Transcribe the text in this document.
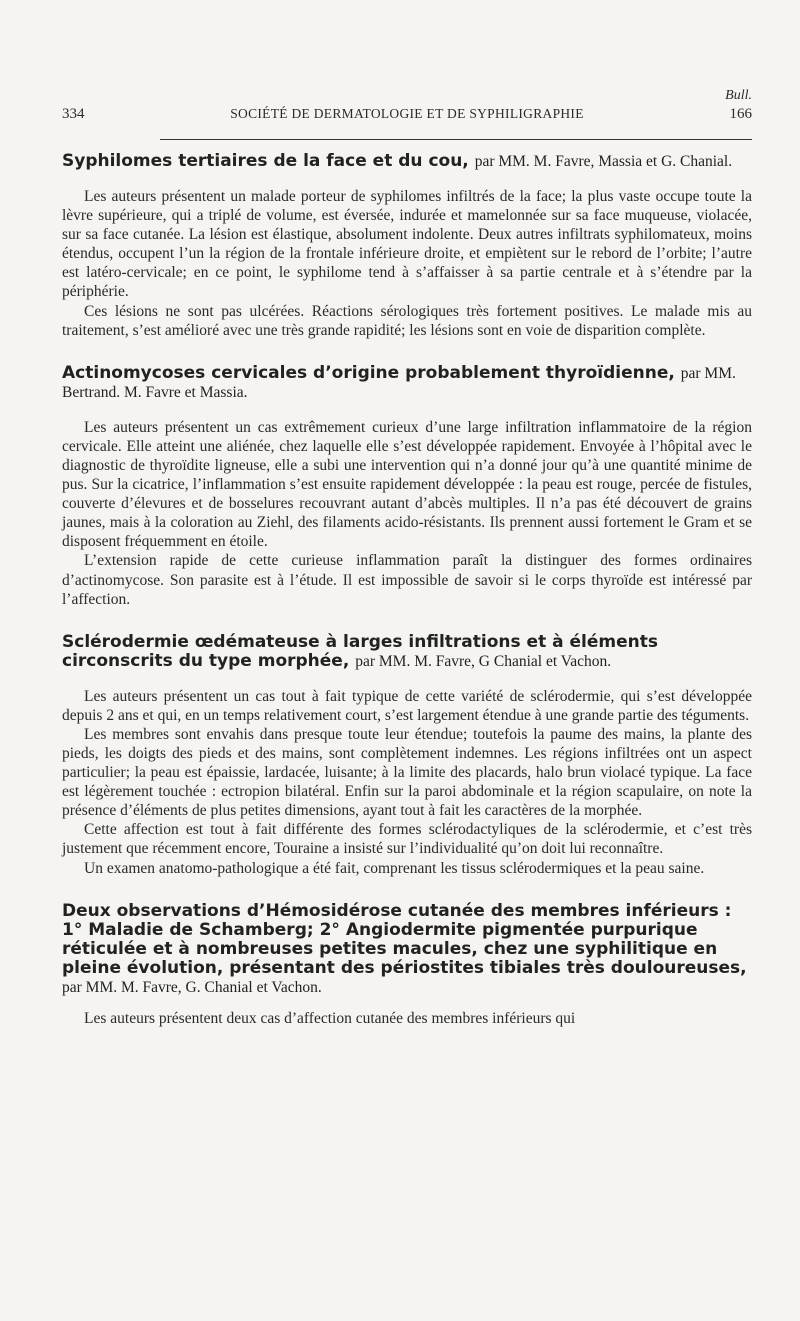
Bull.
334	SOCIÉTÉ DE DERMATOLOGIE ET DE SYPHILIGRAPHIE	166
Syphilomes tertiaires de la face et du cou, par MM. M. Favre, Massia et G. Chanial.

Les auteurs présentent un malade porteur de syphilomes infiltrés de la face; la plus vaste occupe toute la lèvre supérieure, qui a triplé de volume, est éversée, indurée et mamelonnée sur sa face muqueuse, violacée, sur sa face cutanée. La lésion est élastique, absolument indolente. Deux autres infiltrats syphilomateux, moins étendus, occupent l’un la région de la frontale inférieure droite, et empiètent sur le rebord de l’orbite; l’autre est latéro-cervicale; en ce point, le syphilome tend à s’affaisser à sa partie centrale et à s’étendre par la périphérie.

Ces lésions ne sont pas ulcérées. Réactions sérologiques très fortement positives. Le malade mis au traitement, s’est amélioré avec une très grande rapidité; les lésions sont en voie de disparition complète.

Actinomycoses cervicales d’origine probablement thyroïdienne, par MM. Bertrand. M. Favre et Massia.

Les auteurs présentent un cas extrêmement curieux d’une large infiltration inflammatoire de la région cervicale. Elle atteint une aliénée, chez laquelle elle s’est développée rapidement. Envoyée à l’hôpital avec le diagnostic de thyroïdite ligneuse, elle a subi une intervention qui n’a donné jour qu’à une quantité minime de pus. Sur la cicatrice, l’inflammation s’est ensuite rapidement développée : la peau est rouge, percée de fistules, couverte d’élevures et de bosselures recouvrant autant d’abcès multiples. Il n’a pas été découvert de grains jaunes, mais à la coloration au Ziehl, des filaments acido-résistants. Ils prennent aussi fortement le Gram et se disposent fréquemment en étoile.

L’extension rapide de cette curieuse inflammation paraît la distinguer des formes ordinaires d’actinomycose. Son parasite est à l’étude. Il est impossible de savoir si le corps thyroïde est intéressé par l’affection.

Sclérodermie œdémateuse à larges infiltrations et à éléments circonscrits du type morphée, par MM. M. Favre, G Chanial et Vachon.

Les auteurs présentent un cas tout à fait typique de cette variété de sclérodermie, qui s’est développée depuis 2 ans et qui, en un temps relativement court, s’est largement étendue à une grande partie des téguments.

Les membres sont envahis dans presque toute leur étendue; toutefois la paume des mains, la plante des pieds, les doigts des pieds et des mains, sont complètement indemnes. Les régions infiltrées ont un aspect particulier; la peau est épaissie, lardacée, luisante; à la limite des placards, halo brun violacé typique. La face est légèrement touchée : ectropion bilatéral. Enfin sur la paroi abdominale et la région scapulaire, on note la présence d’éléments de plus petites dimensions, ayant tout à fait les caractères de la morphée.

Cette affection est tout à fait différente des formes sclérodactyliques de la sclérodermie, et c’est très justement que récemment encore, Touraine a insisté sur l’individualité qu’on doit lui reconnaître.

Un examen anatomo-pathologique a été fait, comprenant les tissus sclérodermiques et la peau saine.

Deux observations d’Hémosidérose cutanée des membres inférieurs : 1° Maladie de Schamberg; 2° Angiodermite pigmentée purpurique réticulée et à nombreuses petites macules, chez une syphilitique en pleine évolution, présentant des périostites tibiales très douloureuses, par MM. M. Favre, G. Chanial et Vachon.

Les auteurs présentent deux cas d’affection cutanée des membres inférieurs qui
